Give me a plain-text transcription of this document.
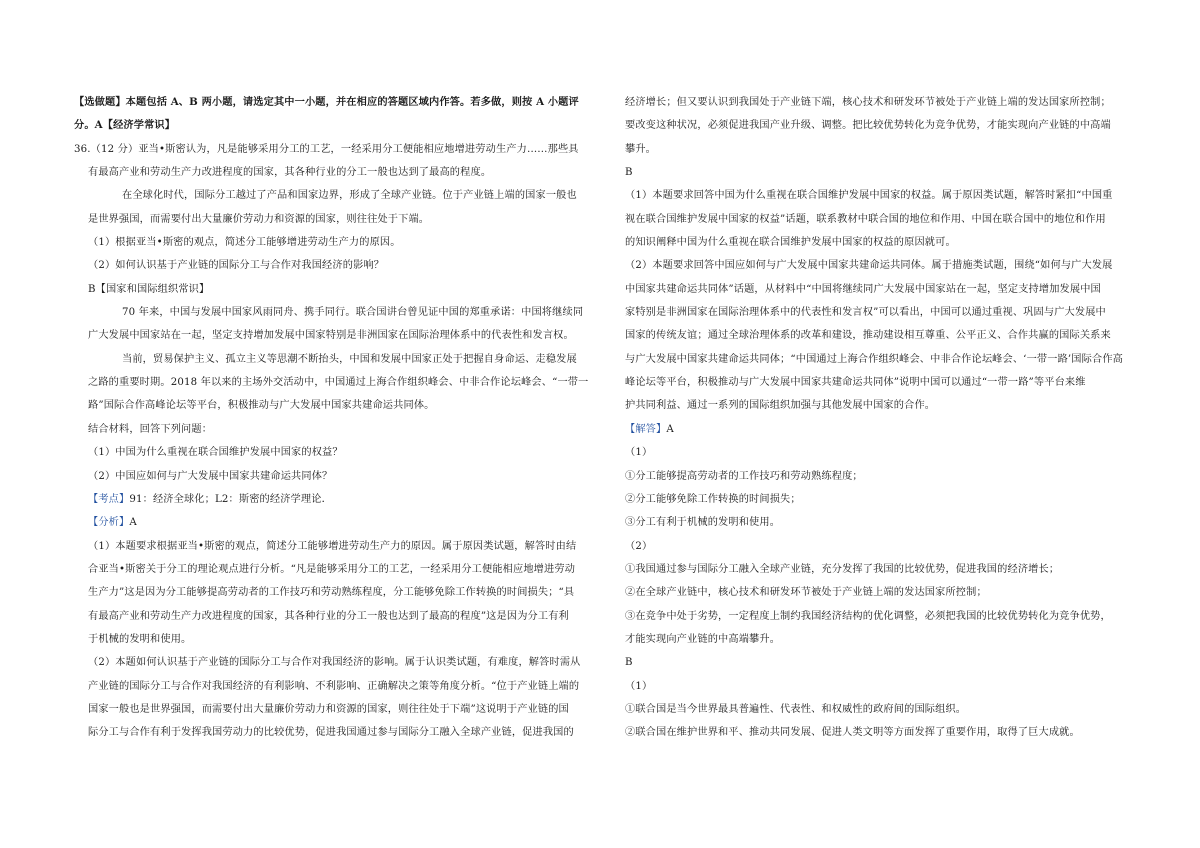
【选做题】本题包括 A、B 两小题，请选定其中一小题，并在相应的答题区域内作答。若多做，则按 A 小题评

分。A【经济学常识】

36.（12 分）亚当•斯密认为，凡是能够采用分工的工艺，一经采用分工便能相应地增进劳动生产力……那些具

有最高产业和劳动生产力改进程度的国家，其各种行业的分工一般也达到了最高的程度。

在全球化时代，国际分工越过了产品和国家边界，形成了全球产业链。位于产业链上端的国家一般也

是世界强国，而需要付出大量廉价劳动力和资源的国家，则往往处于下端。

（1）根据亚当•斯密的观点，简述分工能够增进劳动生产力的原因。

（2）如何认识基于产业链的国际分工与合作对我国经济的影响？

B【国家和国际组织常识】

70 年来，中国与发展中国家风雨同舟、携手同行。联合国讲台曾见证中国的郑重承诺：中国将继续同

广大发展中国家站在一起，坚定支持增加发展中国家特别是非洲国家在国际治理体系中的代表性和发言权。

当前，贸易保护主义、孤立主义等思潮不断抬头，中国和发展中国家正处于把握自身命运、走稳发展

之路的重要时期。2018 年以来的主场外交活动中，中国通过上海合作组织峰会、中非合作论坛峰会、“一带一

路”国际合作高峰论坛等平台，积极推动与广大发展中国家共建命运共同体。

结合材料，回答下列问题：

（1）中国为什么重视在联合国维护发展中国家的权益？

（2）中国应如何与广大发展中国家共建命运共同体？

【考点】91：经济全球化；L2：斯密的经济学理论．

【分析】A

（1）本题要求根据亚当•斯密的观点，简述分工能够增进劳动生产力的原因。属于原因类试题，解答时由结

合亚当•斯密关于分工的理论观点进行分析。“凡是能够采用分工的工艺，一经采用分工便能相应地增进劳动

生产力”这是因为分工能够提高劳动者的工作技巧和劳动熟练程度，分工能够免除工作转换的时间损失；“具

有最高产业和劳动生产力改进程度的国家，其各种行业的分工一般也达到了最高的程度”这是因为分工有利

于机械的发明和使用。

（2）本题如何认识基于产业链的国际分工与合作对我国经济的影响。属于认识类试题，有难度，解答时需从

产业链的国际分工与合作对我国经济的有利影响、不利影响、正确解决之策等角度分析。“位于产业链上端的

国家一般也是世界强国，而需要付出大量廉价劳动力和资源的国家，则往往处于下端”这说明于产业链的国

际分工与合作有利于发挥我国劳动力的比较优势，促进我国通过参与国际分工融入全球产业链，促进我国的

经济增长；但又要认识到我国处于产业链下端，核心技术和研发环节被处于产业链上端的发达国家所控制；

要改变这种状况，必须促进我国产业升级、调整。把比较优势转化为竞争优势，才能实现向产业链的中高端

攀升。

B

（1）本题要求回答中国为什么重视在联合国维护发展中国家的权益。属于原因类试题，解答时紧扣“中国重

视在联合国维护发展中国家的权益”话题，联系教材中联合国的地位和作用、中国在联合国中的地位和作用

的知识阐释中国为什么重视在联合国维护发展中国家的权益的原因就可。

（2）本题要求回答中国应如何与广大发展中国家共建命运共同体。属于措施类试题，围绕“如何与广大发展

中国家共建命运共同体”话题，从材料中“中国将继续同广大发展中国家站在一起，坚定支持增加发展中国

家特别是非洲国家在国际治理体系中的代表性和发言权”可以看出，中国可以通过重视、巩固与广大发展中

国家的传统友谊；通过全球治理体系的改革和建设，推动建设相互尊重、公平正义、合作共赢的国际关系来

与广大发展中国家共建命运共同体；“中国通过上海合作组织峰会、中非合作论坛峰会、‘一带一路’国际合作高

峰论坛等平台，积极推动与广大发展中国家共建命运共同体”说明中国可以通过“一带一路”等平台来维

护共同利益、通过一系列的国际组织加强与其他发展中国家的合作。

【解答】A

（1）

①分工能够提高劳动者的工作技巧和劳动熟练程度；

②分工能够免除工作转换的时间损失；

③分工有利于机械的发明和使用。

（2）

①我国通过参与国际分工融入全球产业链，充分发挥了我国的比较优势，促进我国的经济增长；

②在全球产业链中，核心技术和研发环节被处于产业链上端的发达国家所控制；

③在竞争中处于劣势，一定程度上制约我国经济结构的优化调整，必须把我国的比较优势转化为竞争优势，

才能实现向产业链的中高端攀升。

B

（1）

①联合国是当今世界最具普遍性、代表性、和权威性的政府间的国际组织。

②联合国在维护世界和平、推动共同发展、促进人类文明等方面发挥了重要作用，取得了巨大成就。
